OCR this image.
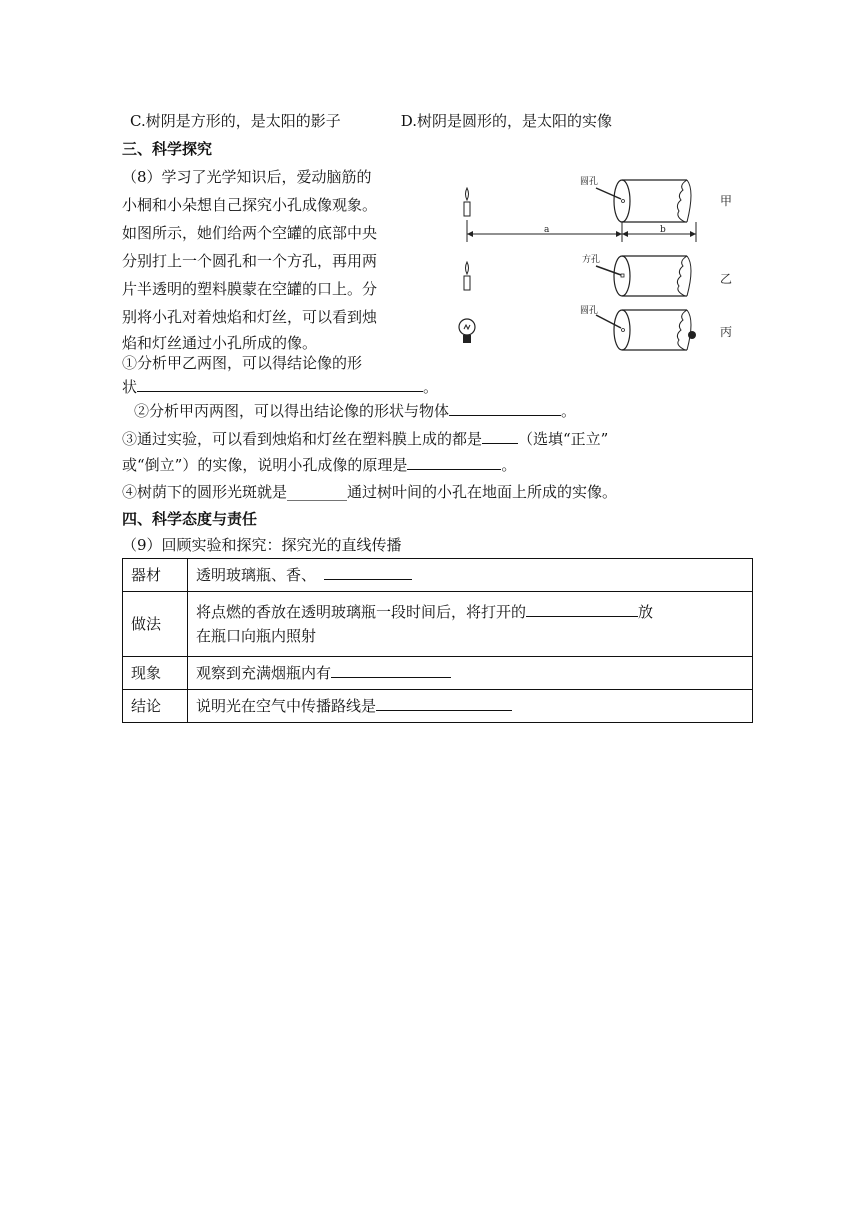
C.树阴是方形的，是太阳的影子	D.树阴是圆形的，是太阳的实像
三、科学探究
（8）学习了光学知识后，爱动脑筋的
小桐和小朵想自己探究小孔成像观象。
如图所示，她们给两个空罐的底部中央
分别打上一个圆孔和一个方孔，再用两
片半透明的塑料膜蒙在空罐的口上。分
别将小孔对着烛焰和灯丝，可以看到烛
焰和灯丝通过小孔所成的像。
圆孔
甲
a	b
方孔
乙
圆孔
丙
①分析甲乙两图，可以得结论像的形
状	。
②分析甲丙两图，可以得出结论像的形状与物体	。
③通过实验，可以看到烛焰和灯丝在塑料膜上成的都是 （选填“正立”
或“倒立”）的实像，说明小孔成像的原理是	。
④树荫下的圆形光斑就是________通过树叶间的小孔在地面上所成的实像。
四、科学态度与责任
（9）回顾实验和探究：探究光的直线传播
器材	透明玻璃瓶、香、
做法	将点燃的香放在透明玻璃瓶一段时间后，将打开的 放
在瓶口向瓶内照射
现象	观察到充满烟瓶内有
结论	说明光在空气中传播路线是
